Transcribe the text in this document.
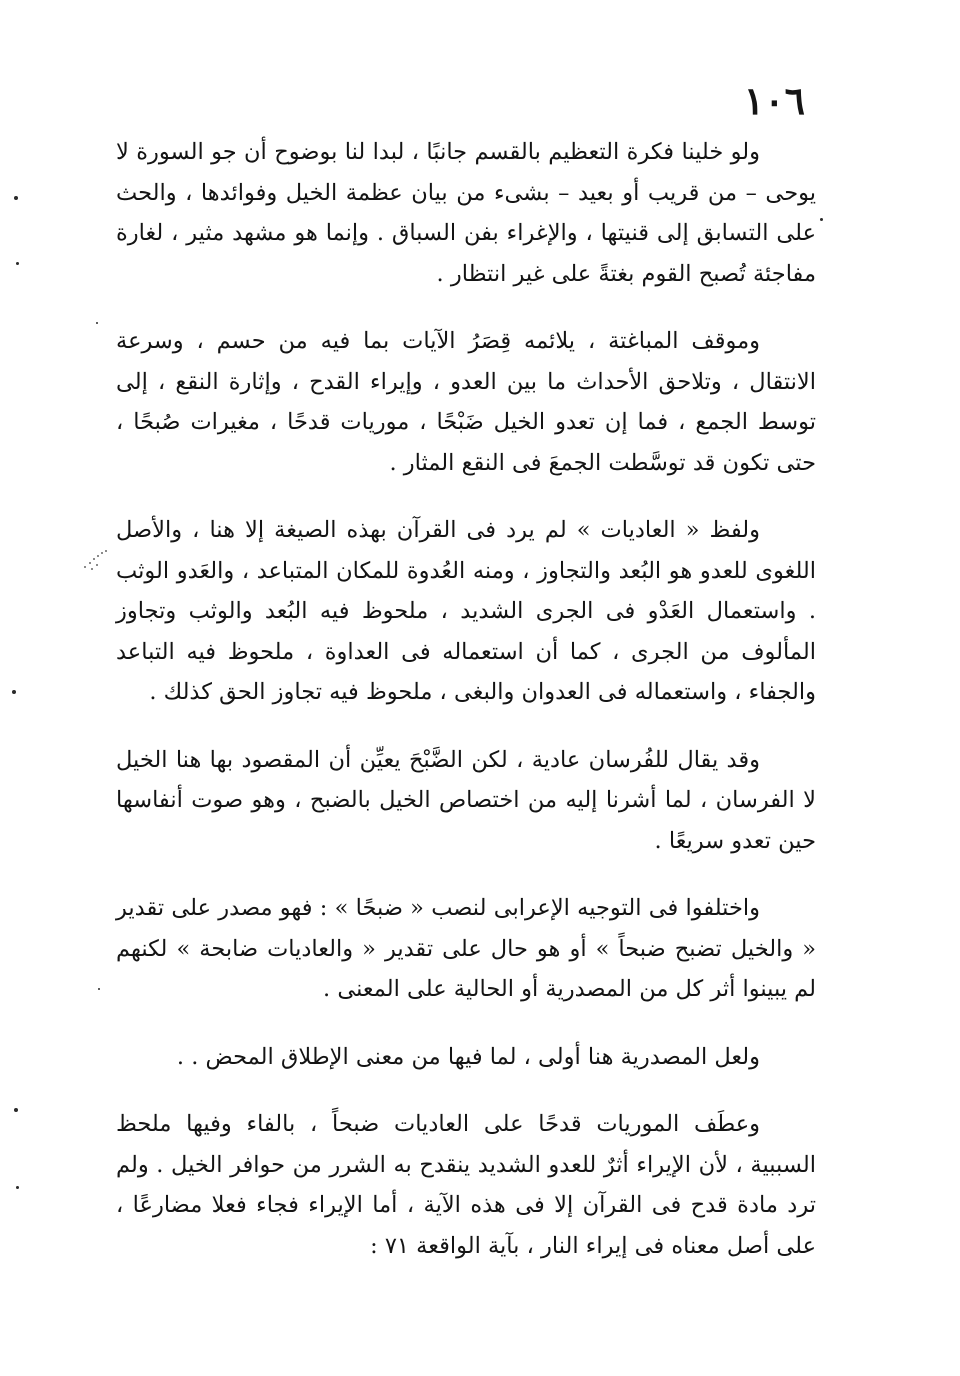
١٠٦

ولو خلينا فكرة التعظيم بالقسم جانبًا ، لبدا لنا بوضوح أن جو السورة لا يوحى – من قريب أو بعيد – بشىء من بيان عظمة الخيل وفوائدها ، والحث على التسابق إلى قنيتها ، والإغراء بفن السباق . وإنما هو مشهد مثير ، لغارة مفاجئة تُصبح القوم بغتةً على غير انتظار .

وموقف المباغتة ، يلائمه قِصَرُ الآيات بما فيه من حسم ، وسرعة الانتقال ، وتلاحق الأحداث ما بين العدو ، وإيراء القدح ، وإثارة النقع ، إلى توسط الجمع ، فما إن تعدو الخيل ضَبْحًا ، موريات قدحًا ، مغيرات صُبحًا ، حتى تكون قد توسَّطت الجمعَ فى النقع المثار .

ولفظ « العاديات » لم يرد فى القرآن بهذه الصيغة إلا هنا ، والأصل اللغوى للعدو هو البُعد والتجاوز ، ومنه العُدوة للمكان المتباعد ، والعَدو الوثب . واستعمال العَدْو فى الجرى الشديد ، ملحوظ فيه البُعد والوثب وتجاوز المألوف من الجرى ، كما أن استعماله فى العداوة ، ملحوظ فيه التباعد والجفاء ، واستعماله فى العدوان والبغى ، ملحوظ فيه تجاوز الحق كذلك .

وقد يقال للفُرسان عادية ، لكن الضَّبْحَ يعيِّن أن المقصود بها هنا الخيل لا الفرسان ، لما أشرنا إليه من اختصاص الخيل بالضبح ، وهو صوت أنفاسها حين تعدو سريعًا .

واختلفوا فى التوجيه الإعرابى لنصب « ضبحًا » : فهو مصدر على تقدير « والخيل تضبح ضبحاً » أو هو حال على تقدير « والعاديات ضابحة » لكنهم لم يبينوا أثر كل من المصدرية أو الحالية على المعنى .

ولعل المصدرية هنا أولى ، لما فيها من معنى الإطلاق المحض . .

وعطَف الموريات قدحًا على العاديات ضبحاً ، بالفاء وفيها ملحظ السببية ، لأن الإيراء أثرٌ للعدو الشديد ينقدح به الشرر من حوافر الخيل . ولم ترد مادة قدح فى القرآن إلا فى هذه الآية ، أما الإيراء فجاء فعلا مضارعًا ، على أصل معناه فى إيراء النار ، بآية الواقعة ٧١ :
